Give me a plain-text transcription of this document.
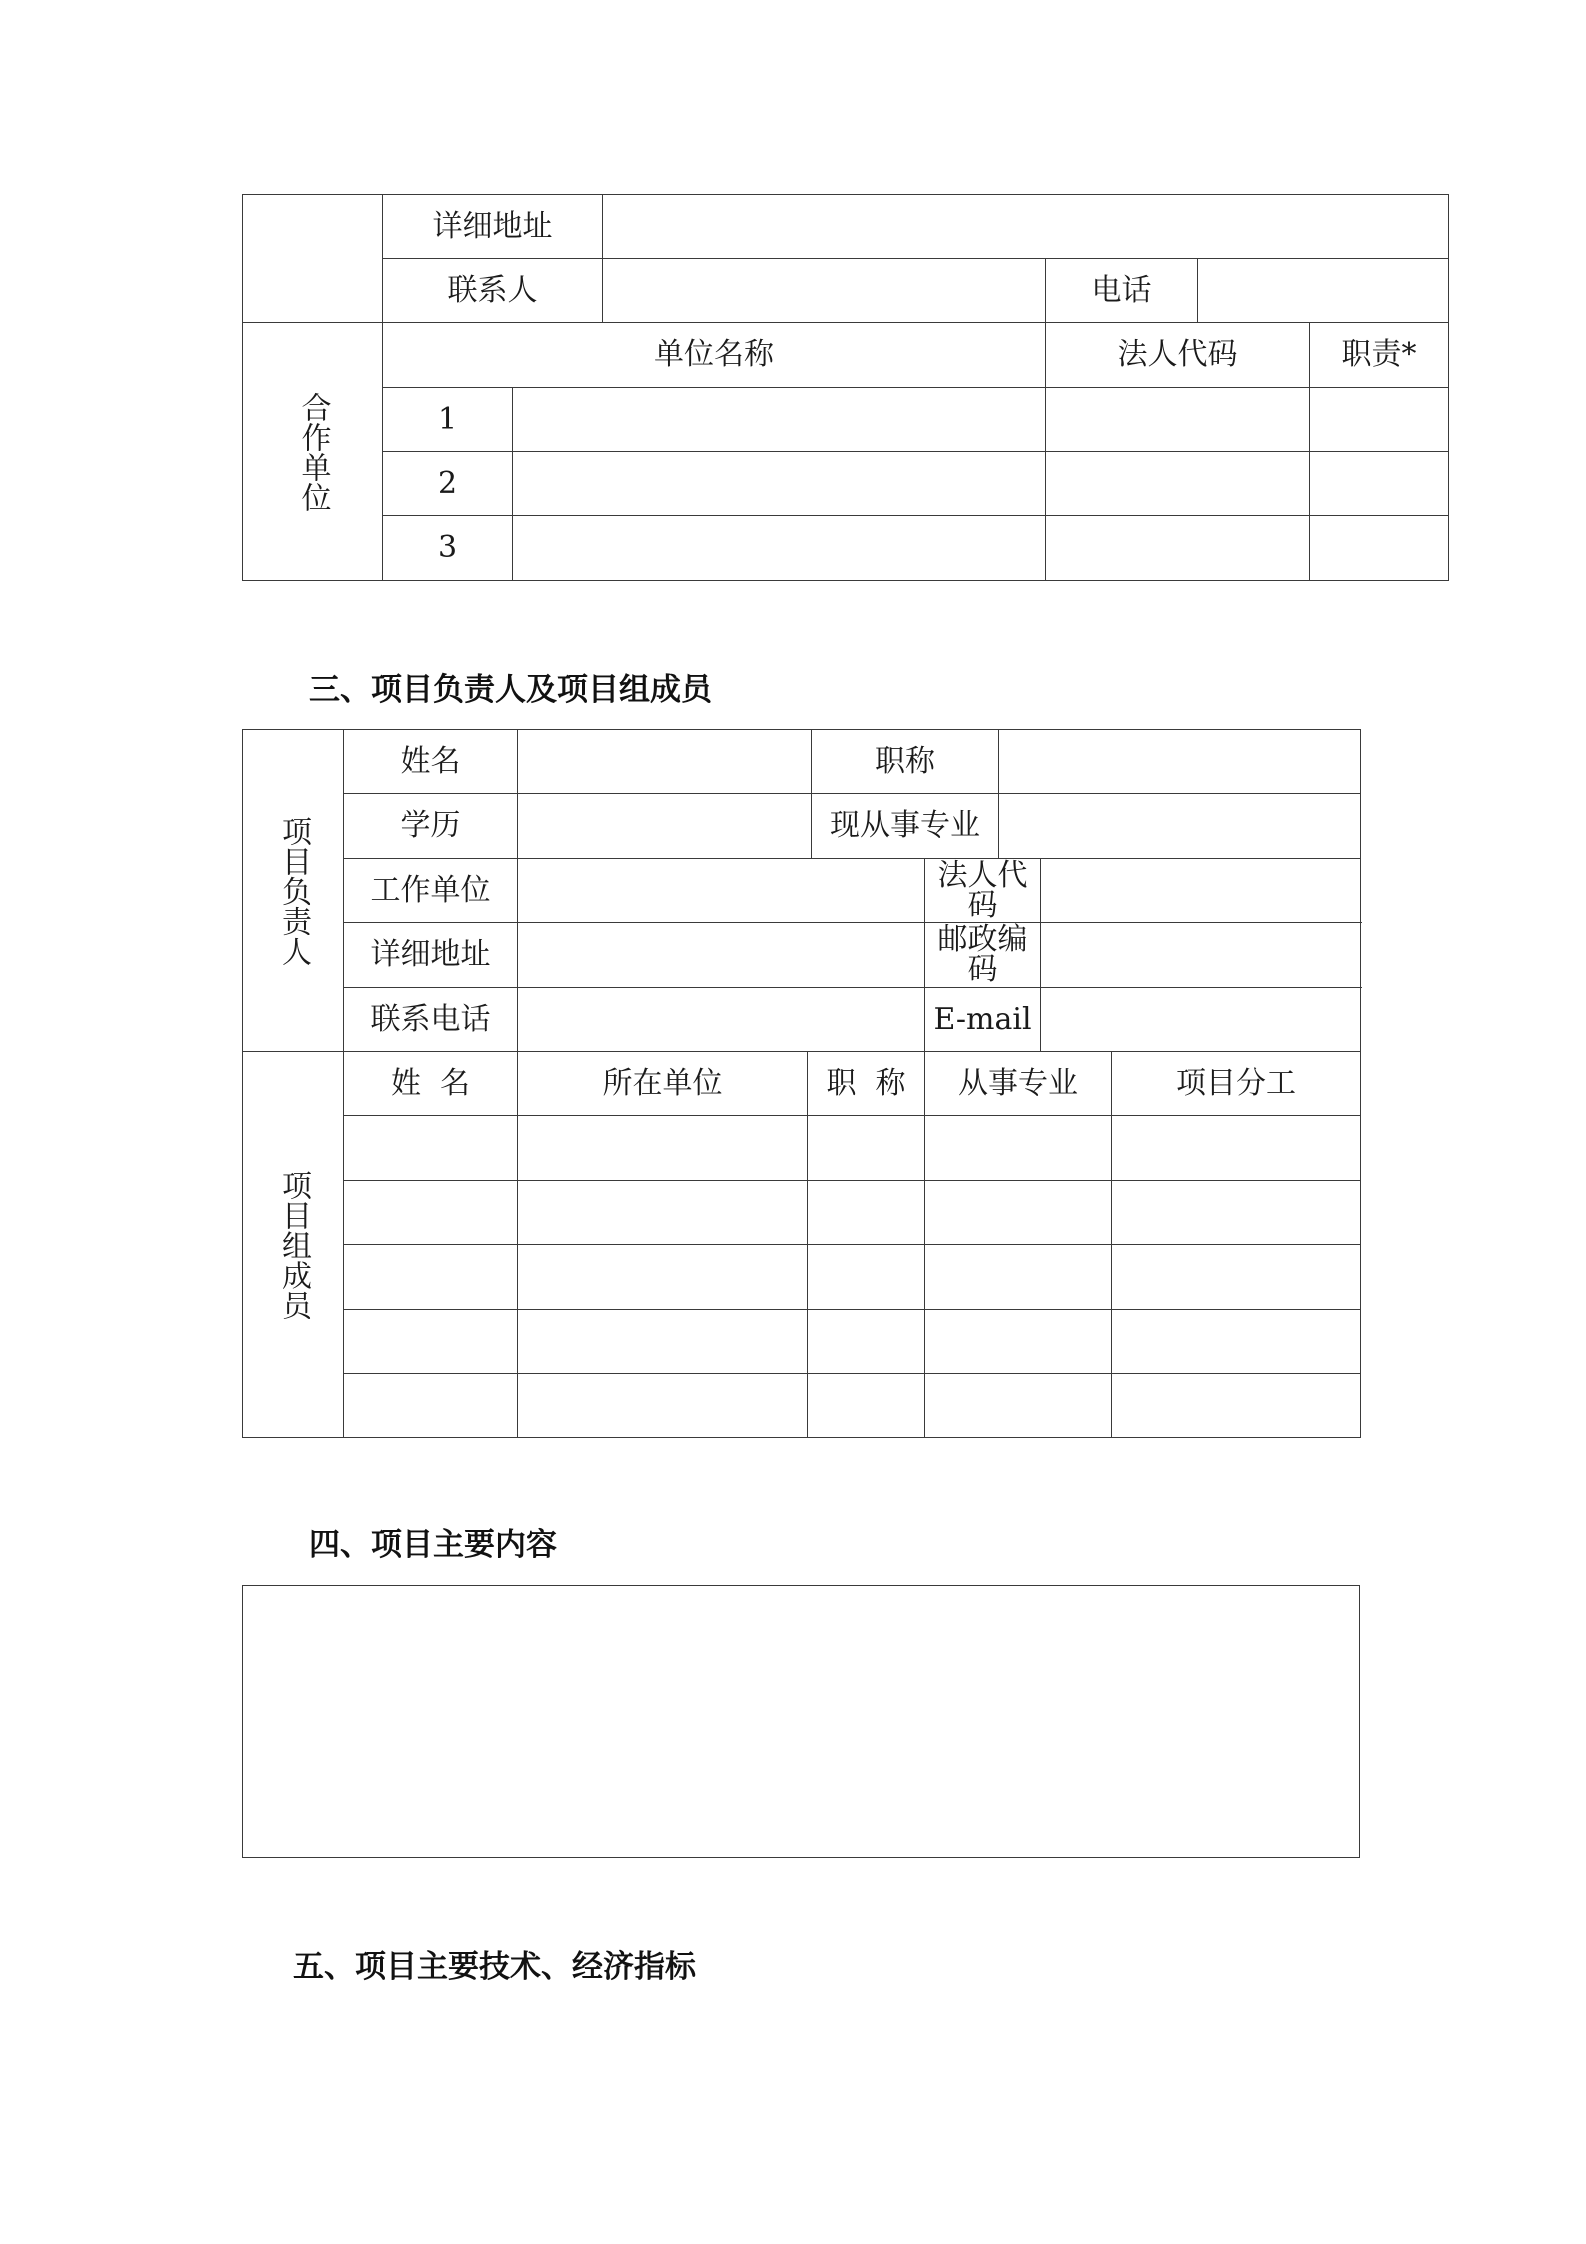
	详细地址					
	联系人			电话		

合作单位	单位名称			法人代码		职责*
	1					
	2					
	3					
三、项目负责人及项目组成员
项目负责人	姓名			职称				
	学历			现从事专业				
	工作单位				法人代码			
	详细地址				邮政编码			
	联系电话				E-mail			

项目组成员	姓  名	所在单位	职  称		从事专业			项目分工

四、项目主要内容
五、项目主要技术、经济指标
